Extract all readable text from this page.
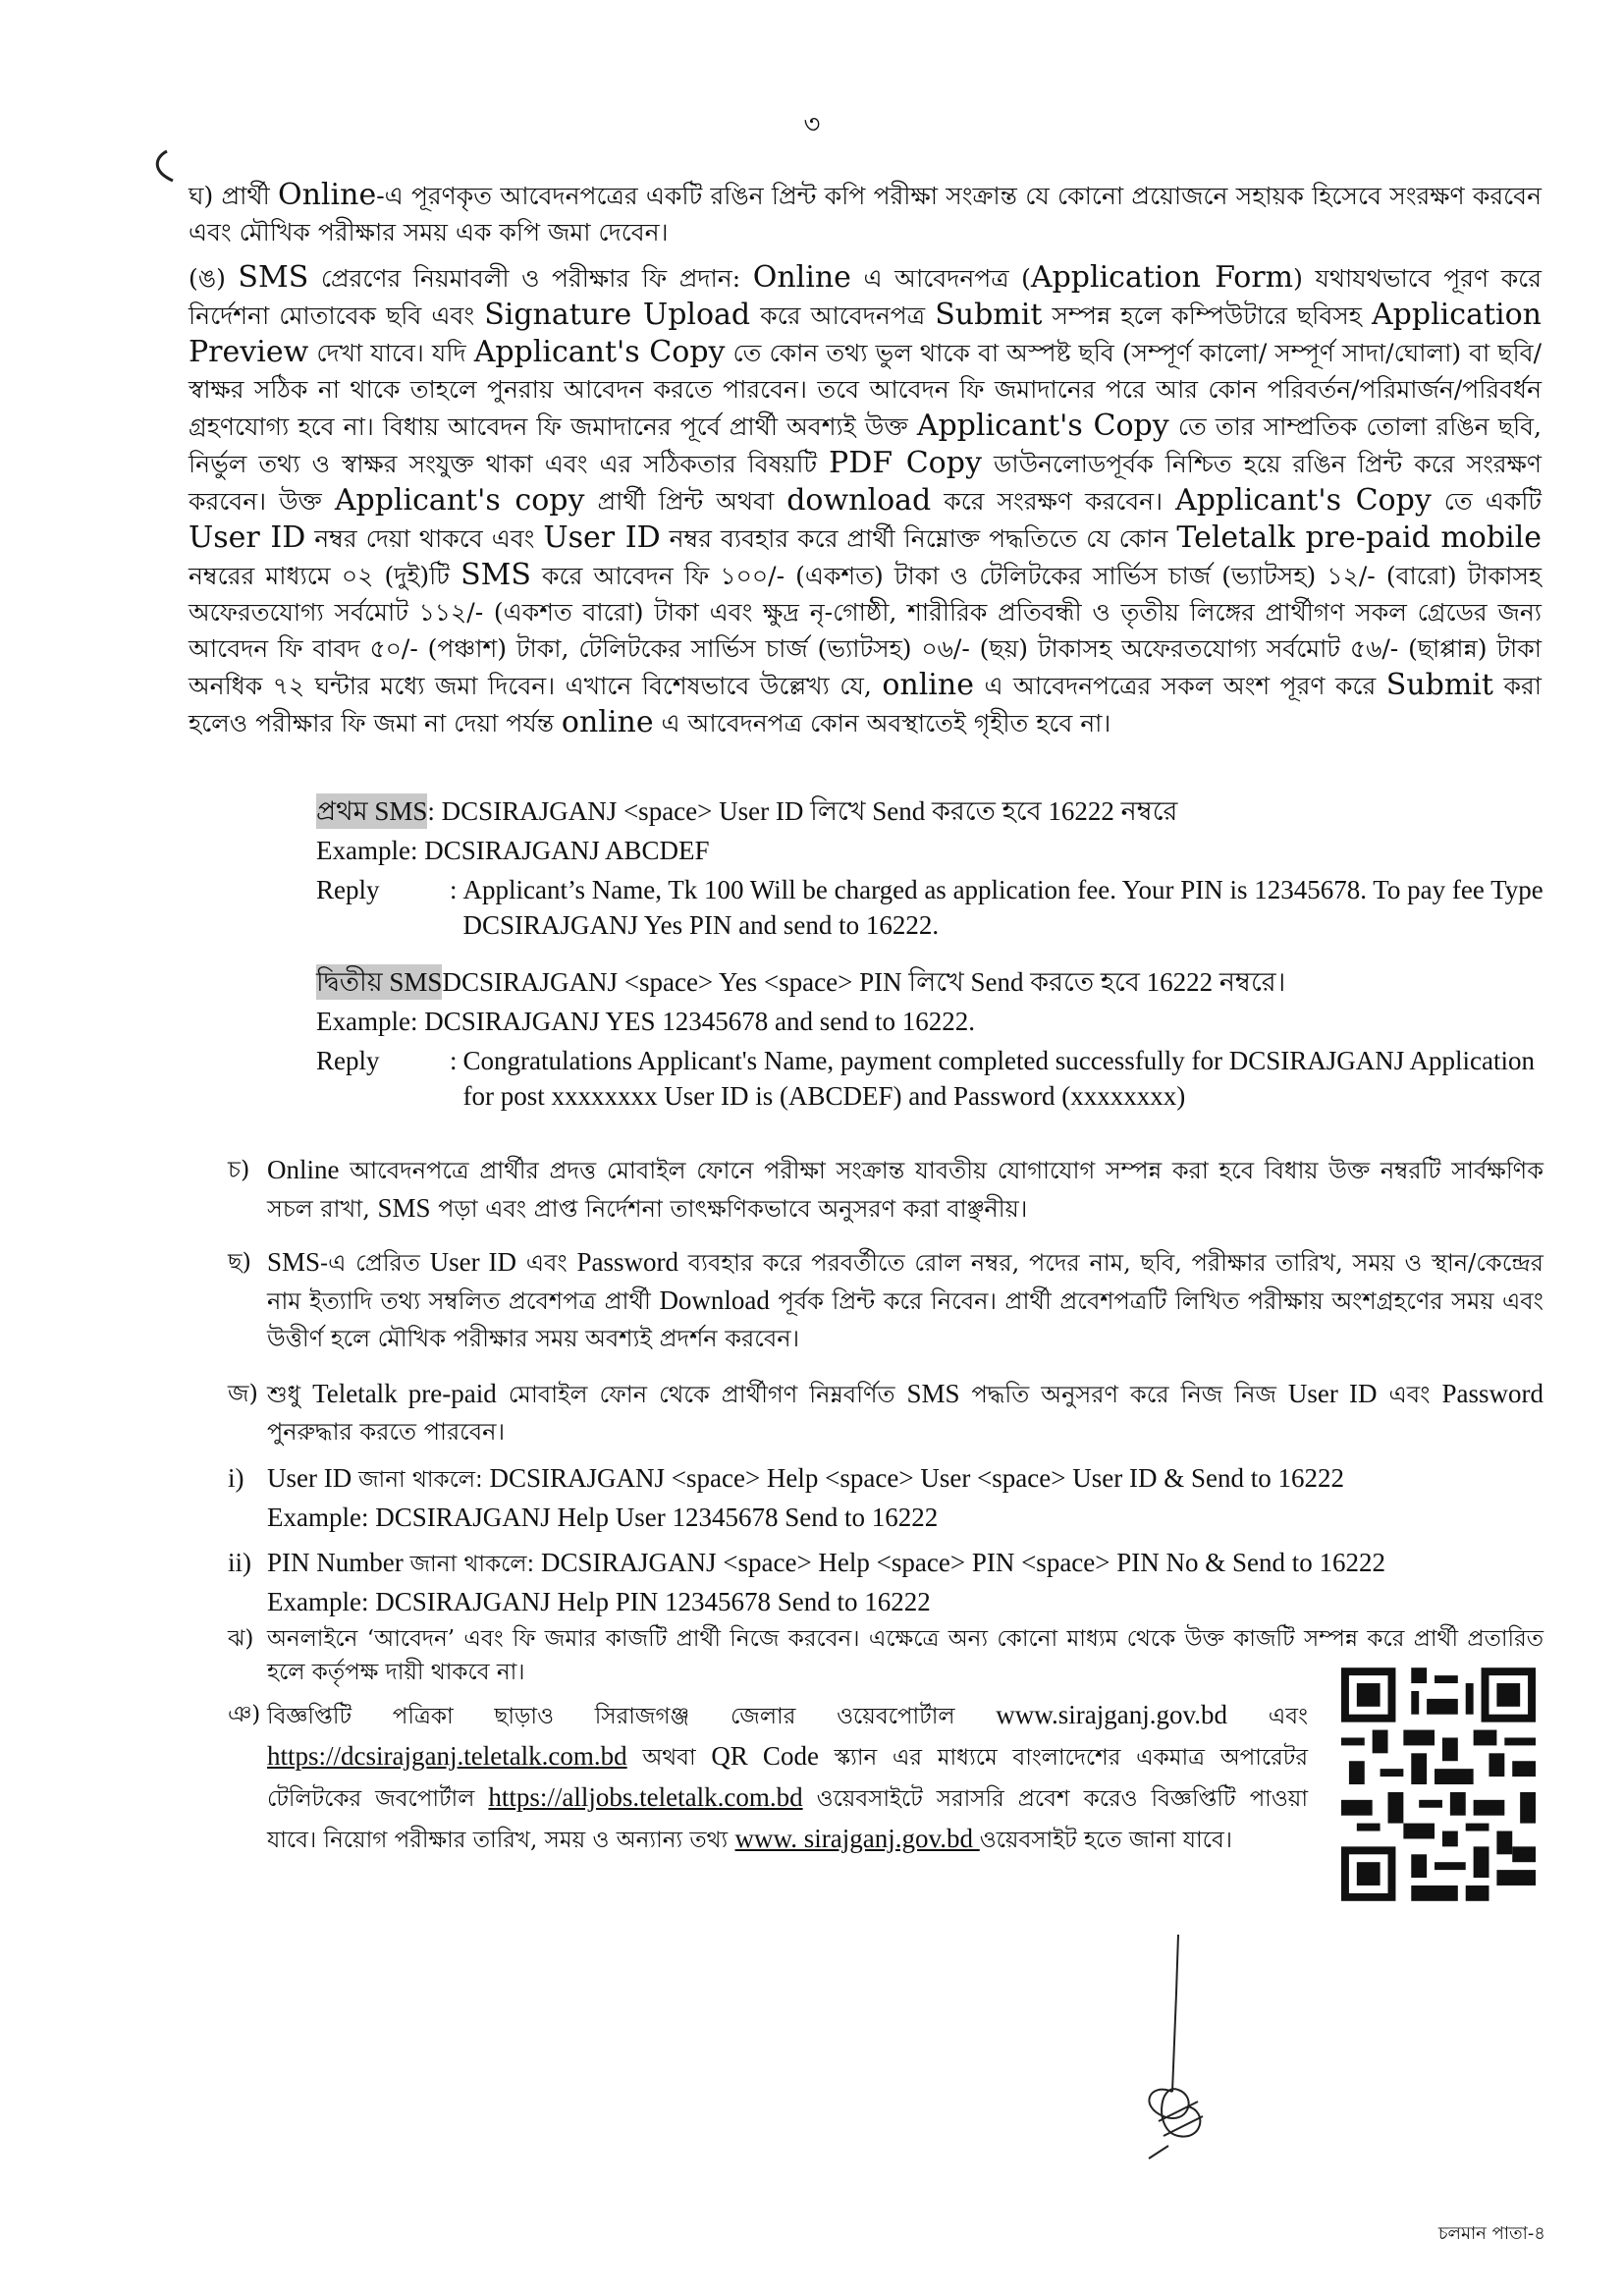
৩
ঘ) প্রার্থী Online-এ পূরণকৃত আবেদনপত্রের একটি রঙিন প্রিন্ট কপি পরীক্ষা সংক্রান্ত যে কোনো প্রয়োজনে সহায়ক হিসেবে সংরক্ষণ করবেন এবং মৌখিক পরীক্ষার সময় এক কপি জমা দেবেন।
(ঙ) SMS প্রেরণের নিয়মাবলী ও পরীক্ষার ফি প্রদান: Online এ আবেদনপত্র (Application Form) যথাযথভাবে পূরণ করে নির্দেশনা মোতাবেক ছবি এবং Signature Upload করে আবেদনপত্র Submit সম্পন্ন হলে কম্পিউটারে ছবিসহ Application Preview দেখা যাবে। যদি Applicant's Copy তে কোন তথ্য ভুল থাকে বা অস্পষ্ট ছবি (সম্পূর্ণ কালো/ সম্পূর্ণ সাদা/ঘোলা) বা ছবি/স্বাক্ষর সঠিক না থাকে তাহলে পুনরায় আবেদন করতে পারবেন। তবে আবেদন ফি জমাদানের পরে আর কোন পরিবর্তন/পরিমার্জন/পরিবর্ধন গ্রহণযোগ্য হবে না। বিধায় আবেদন ফি জমাদানের পূর্বে প্রার্থী অবশ্যই উক্ত Applicant's Copy তে তার সাম্প্রতিক তোলা রঙিন ছবি, নির্ভুল তথ্য ও স্বাক্ষর সংযুক্ত থাকা এবং এর সঠিকতার বিষয়টি PDF Copy ডাউনলোডপূর্বক নিশ্চিত হয়ে রঙিন প্রিন্ট করে সংরক্ষণ করবেন। উক্ত Applicant's copy প্রার্থী প্রিন্ট অথবা download করে সংরক্ষণ করবেন। Applicant's Copy তে একটি User ID নম্বর দেয়া থাকবে এবং User ID নম্বর ব্যবহার করে প্রার্থী নিম্নোক্ত পদ্ধতিতে যে কোন Teletalk pre-paid mobile নম্বরের মাধ্যমে ০২ (দুই)টি SMS করে আবেদন ফি ১০০/- (একশত) টাকা ও টেলিটকের সার্ভিস চার্জ (ভ্যাটসহ) ১২/- (বারো) টাকাসহ অফেরতযোগ্য সর্বমোট ১১২/- (একশত বারো) টাকা এবং ক্ষুদ্র নৃ-গোষ্ঠী, শারীরিক প্রতিবন্ধী ও তৃতীয় লিঙ্গের প্রার্থীগণ সকল গ্রেডের জন্য আবেদন ফি বাবদ ৫০/- (পঞ্চাশ) টাকা, টেলিটকের সার্ভিস চার্জ (ভ্যাটসহ) ০৬/- (ছয়) টাকাসহ অফেরতযোগ্য সর্বমোট ৫৬/- (ছাপ্পান্ন) টাকা অনধিক ৭২ ঘন্টার মধ্যে জমা দিবেন। এখানে বিশেষভাবে উল্লেখ্য যে, online এ আবেদনপত্রের সকল অংশ পূরণ করে Submit করা হলেও পরীক্ষার ফি জমা না দেয়া পর্যন্ত online এ আবেদনপত্র কোন অবস্থাতেই গৃহীত হবে না।
প্রথম SMS : DCSIRAJGANJ <space> User ID লিখে Send করতে হবে 16222 নম্বরে
Example : DCSIRAJGANJ ABCDEF
Reply	: Applicant’s Name, Tk 100 Will be charged as application fee. Your PIN is 12345678. To pay fee Type DCSIRAJGANJ Yes PIN and send to 16222.
দ্বিতীয় SMS DCSIRAJGANJ <space> Yes <space> PIN লিখে Send করতে হবে 16222 নম্বরে।
Example : DCSIRAJGANJ YES 12345678 and send to 16222.
Reply	: Congratulations Applicant's Name, payment completed successfully for DCSIRAJGANJ Application for post xxxxxxxx User ID is (ABCDEF) and Password (xxxxxxxx)
চ) Online আবেদনপত্রে প্রার্থীর প্রদত্ত মোবাইল ফোনে পরীক্ষা সংক্রান্ত যাবতীয় যোগাযোগ সম্পন্ন করা হবে বিধায় উক্ত নম্বরটি সার্বক্ষণিক সচল রাখা, SMS পড়া এবং প্রাপ্ত নির্দেশনা তাৎক্ষণিকভাবে অনুসরণ করা বাঞ্ছনীয়।
ছ) SMS-এ প্রেরিত User ID এবং Password ব্যবহার করে পরবর্তীতে রোল নম্বর, পদের নাম, ছবি, পরীক্ষার তারিখ, সময় ও স্থান/কেন্দ্রের নাম ইত্যাদি তথ্য সম্বলিত প্রবেশপত্র প্রার্থী Download পূর্বক প্রিন্ট করে নিবেন। প্রার্থী প্রবেশপত্রটি লিখিত পরীক্ষায় অংশগ্রহণের সময় এবং উত্তীর্ণ হলে মৌখিক পরীক্ষার সময় অবশ্যই প্রদর্শন করবেন।
জ) শুধু Teletalk pre-paid মোবাইল ফোন থেকে প্রার্থীগণ নিম্নবর্ণিত SMS পদ্ধতি অনুসরণ করে নিজ নিজ User ID এবং Password পুনরুদ্ধার করতে পারবেন।
i) User ID জানা থাকলে: DCSIRAJGANJ <space> Help <space> User <space> User ID & Send to 16222
Example: DCSIRAJGANJ Help User 12345678 Send to 16222
ii) PIN Number জানা থাকলে: DCSIRAJGANJ <space> Help <space> PIN <space> PIN No & Send to 16222
Example: DCSIRAJGANJ Help PIN 12345678 Send to 16222
ঝ) অনলাইনে ‘আবেদন’ এবং ফি জমার কাজটি প্রার্থী নিজে করবেন। এক্ষেত্রে অন্য কোনো মাধ্যম থেকে উক্ত কাজটি সম্পন্ন করে প্রার্থী প্রতারিত হলে কর্তৃপক্ষ দায়ী থাকবে না।
ঞ) বিজ্ঞপ্তিটি পত্রিকা ছাড়াও সিরাজগঞ্জ জেলার ওয়েবপোর্টাল www.sirajganj.gov.bd এবং https://dcsirajganj.teletalk.com.bd অথবা QR Code স্ক্যান এর মাধ্যমে বাংলাদেশের একমাত্র অপারেটর টেলিটকের জবপোর্টাল https://alljobs.teletalk.com.bd ওয়েবসাইটে সরাসরি প্রবেশ করেও বিজ্ঞপ্তিটি পাওয়া যাবে। নিয়োগ পরীক্ষার তারিখ, সময় ও অন্যান্য তথ্য www. sirajganj.gov.bd ওয়েবসাইট হতে জানা যাবে।
চলমান পাতা-৪
